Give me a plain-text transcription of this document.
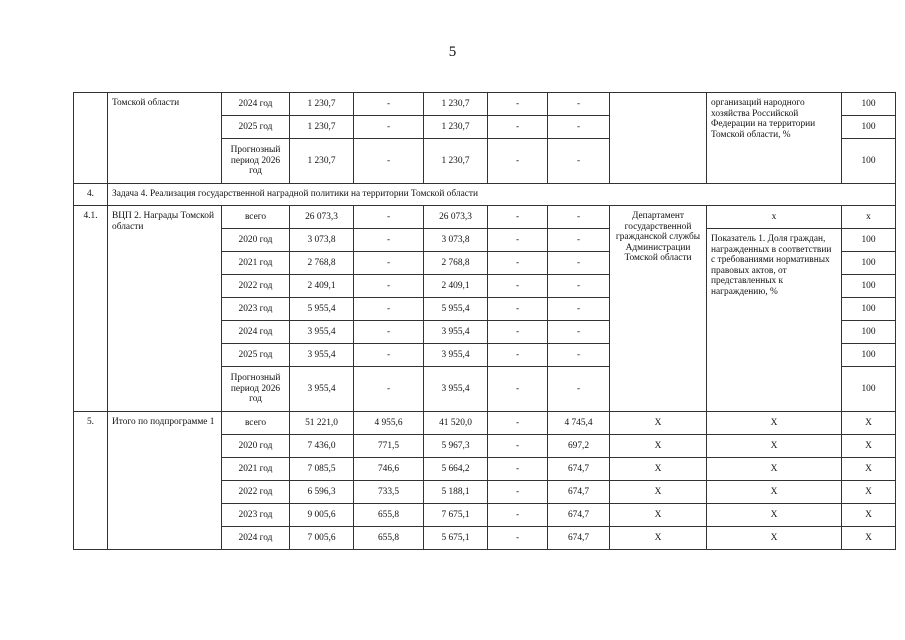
5
	Томской области	2024 год	1 230,7	-	1 230,7	-	-		организаций народного хозяйства Российской Федерации на территории Томской области, %	100
		2025 год	1 230,7	-	1 230,7	-	-			100
		Прогнозный период 2026 год	1 230,7	-	1 230,7	-	-			100
4.	Задача 4. Реализация государственной наградной политики на территории Томской области									
4.1.	ВЦП 2. Награды Томской области	всего	26 073,3	-	26 073,3	-	-	Департамент государственной гражданской службы Администрации Томской области	х	х
		2020 год	3 073,8	-	3 073,8	-	-		Показатель 1. Доля граждан, награжденных в соответствии с требованиями нормативных правовых актов, от представленных к награждению, %	100
		2021 год	2 768,8	-	2 768,8	-	-			100
		2022 год	2 409,1	-	2 409,1	-	-			100
		2023 год	5 955,4	-	5 955,4	-	-			100
		2024 год	3 955,4	-	3 955,4	-	-			100
		2025 год	3 955,4	-	3 955,4	-	-			100
		Прогнозный период 2026 год	3 955,4	-	3 955,4	-	-			100
5.	Итого по подпрограмме 1	всего	51 221,0	4 955,6	41 520,0	-	4 745,4	Х	Х	Х
		2020 год	7 436,0	771,5	5 967,3	-	697,2	Х	Х	Х
		2021 год	7 085,5	746,6	5 664,2	-	674,7	Х	Х	Х
		2022 год	6 596,3	733,5	5 188,1	-	674,7	Х	Х	Х
		2023 год	9 005,6	655,8	7 675,1	-	674,7	Х	Х	Х
		2024 год	7 005,6	655,8	5 675,1	-	674,7	Х	Х	Х
